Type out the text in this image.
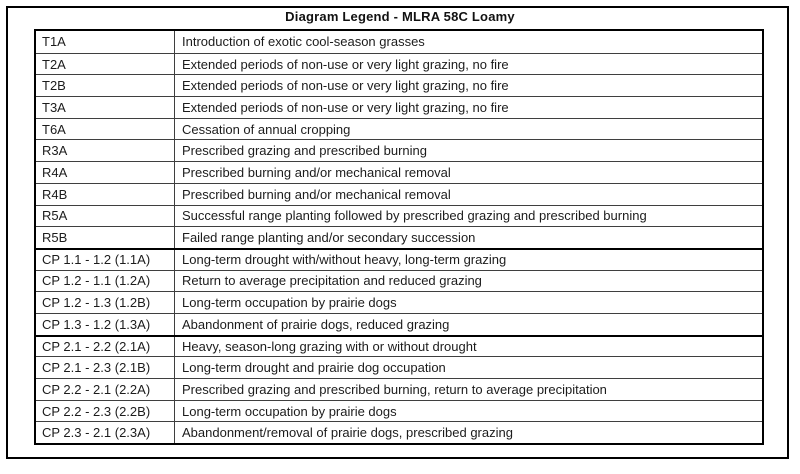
Diagram Legend - MLRA 58C Loamy
T1A	Introduction of exotic cool-season grasses
T2A	Extended periods of non-use or very light grazing, no fire
T2B	Extended periods of non-use or very light grazing, no fire
T3A	Extended periods of non-use or very light grazing, no fire
T6A	Cessation of annual cropping
R3A	Prescribed grazing and prescribed burning
R4A	Prescribed burning and/or mechanical removal
R4B	Prescribed burning and/or mechanical removal
R5A	Successful range planting followed by prescribed grazing and prescribed burning
R5B	Failed range planting and/or secondary succession
CP 1.1 - 1.2 (1.1A)	Long-term drought with/without heavy, long-term grazing
CP 1.2 - 1.1 (1.2A)	Return to average precipitation and reduced grazing
CP 1.2 - 1.3 (1.2B)	Long-term occupation by prairie dogs
CP 1.3 - 1.2 (1.3A)	Abandonment of prairie dogs, reduced grazing
CP 2.1 - 2.2 (2.1A)	Heavy, season-long grazing with or without drought
CP 2.1 - 2.3 (2.1B)	Long-term drought and prairie dog occupation
CP 2.2 - 2.1 (2.2A)	Prescribed grazing and prescribed burning, return to average precipitation
CP 2.2 - 2.3 (2.2B)	Long-term occupation by prairie dogs
CP 2.3 - 2.1 (2.3A)	Abandonment/removal of prairie dogs, prescribed grazing
